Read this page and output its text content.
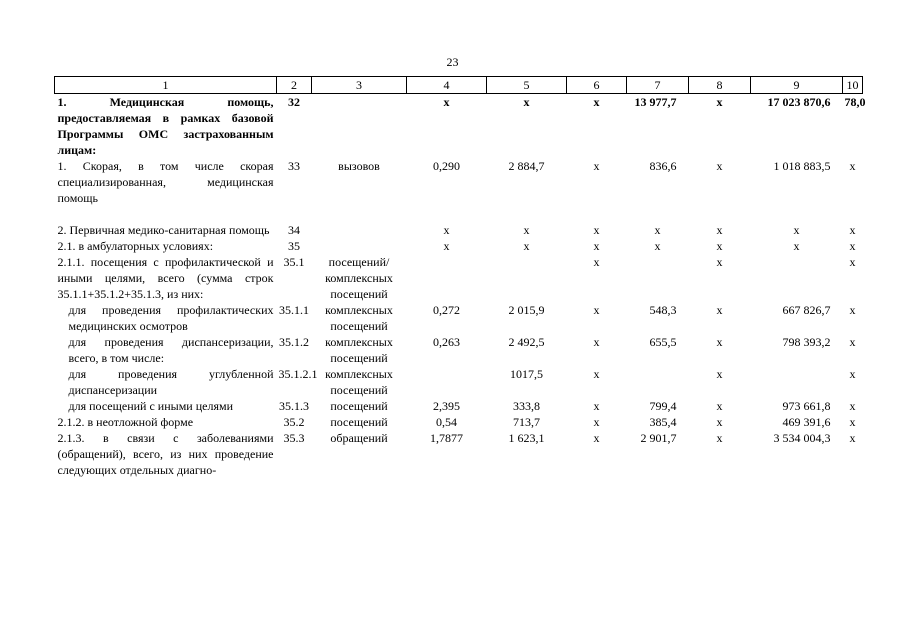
23
1	2	3	4	5	6	7	8	9	10
1. Медицинская помощь, предоставляемая в рамках базовой Программы ОМС застрахованным лицам:	32		x	x	x	13 977,7	x	17 023 870,6	78,0
1. Скорая, в том числе скорая специализированная, медицинская помощь	33	вызовов	0,290	2 884,7	x	836,6	x	1 018 883,5	x
2. Первичная медико-санитарная помощь	34		x	x	x	x	x	x	x
2.1. в амбулаторных условиях:	35		x	x	x	x	x	x	x
2.1.1. посещения с профилактической и иными целями, всего (сумма строк 35.1.1+35.1.2+35.1.3, из них:	35.1	посещений/ комплексных посещений			x		x		x
для проведения профилактических медицинских осмотров	35.1.1	комплексных посещений	0,272	2 015,9	x	548,3	x	667 826,7	x
для проведения диспансеризации, всего, в том числе:	35.1.2	комплексных посещений	0,263	2 492,5	x	655,5	x	798 393,2	x
для проведения углубленной диспансеризации	35.1.2.1	комплексных посещений		1017,5	x		x		x
для посещений с иными целями	35.1.3	посещений	2,395	333,8	x	799,4	x	973 661,8	x
2.1.2. в неотложной форме	35.2	посещений	0,54	713,7	x	385,4	x	469 391,6	x
2.1.3. в связи с заболеваниями (обращений), всего, из них проведение следующих отдельных диагно-	35.3	обращений	1,7877	1 623,1	x	2 901,7	x	3 534 004,3	x
